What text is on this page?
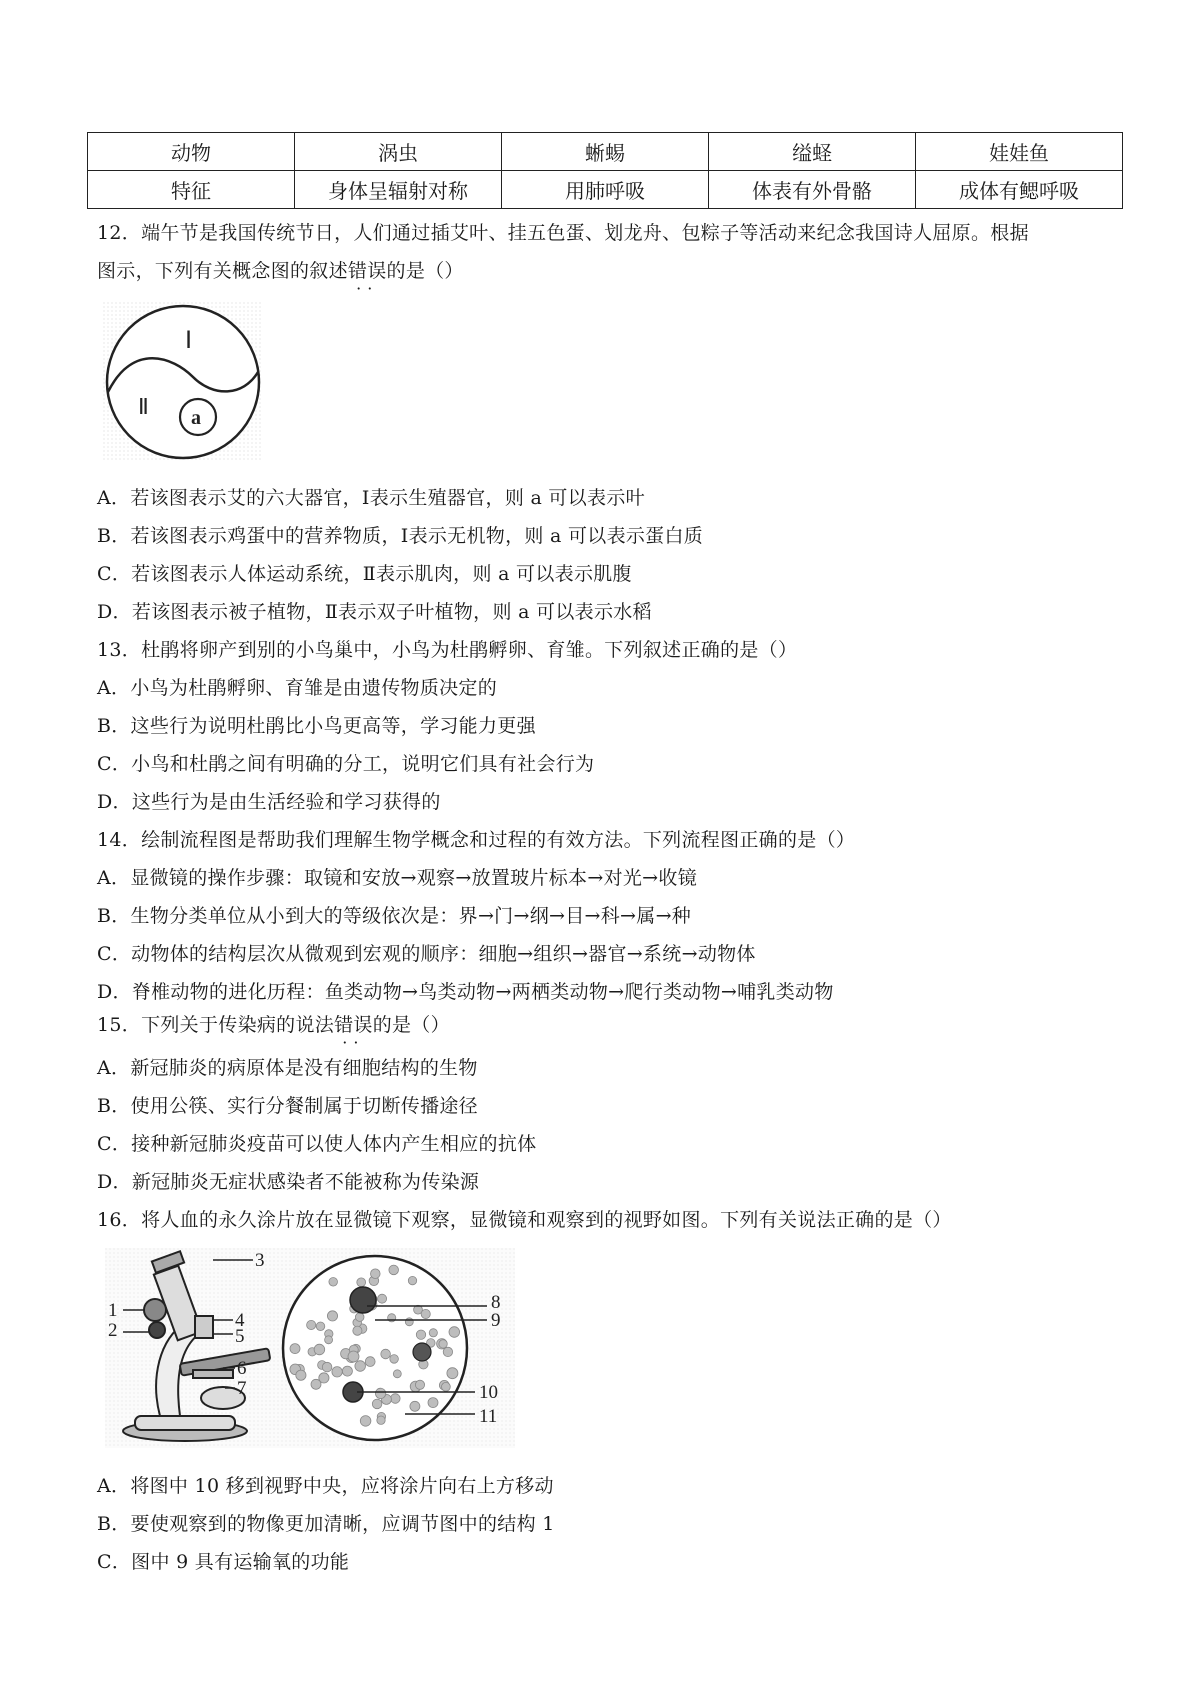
动物	涡虫	蜥蜴	缢蛏	娃娃鱼
特征	身体呈辐射对称	用肺呼吸	体表有外骨骼	成体有鳃呼吸
12．端午节是我国传统节日，人们通过插艾叶、挂五色蛋、划龙舟、包粽子等活动来纪念我国诗人屈原。根据
图示，下列有关概念图的叙述错误
··
的是（）
Ⅰ
Ⅱ a
A．若该图表示艾的六大器官，Ⅰ表示生殖器官，则 a 可以表示叶
B．若该图表示鸡蛋中的营养物质，Ⅰ表示无机物，则 a 可以表示蛋白质
C．若该图表示人体运动系统，Ⅱ表示肌肉，则 a 可以表示肌腹
D．若该图表示被子植物，Ⅱ表示双子叶植物，则 a 可以表示水稻
13．杜鹃将卵产到别的小鸟巢中，小鸟为杜鹃孵卵、育雏。下列叙述正确的是（）
A．小鸟为杜鹃孵卵、育雏是由遗传物质决定的
B．这些行为说明杜鹃比小鸟更高等，学习能力更强
C．小鸟和杜鹃之间有明确的分工，说明它们具有社会行为
D．这些行为是由生活经验和学习获得的
14．绘制流程图是帮助我们理解生物学概念和过程的有效方法。下列流程图正确的是（）
A．显微镜的操作步骤：取镜和安放→观察→放置玻片标本→对光→收镜
B．生物分类单位从小到大的等级依次是：界→门→纲→目→科→属→种
C．动物体的结构层次从微观到宏观的顺序：细胞→组织→器官→系统→动物体
D．脊椎动物的进化历程：鱼类动物→鸟类动物→两栖类动物→爬行类动物→哺乳类动物
15．下列关于传染病的说法错误
··
的是（）
A．新冠肺炎的病原体是没有细胞结构的生物
B．使用公筷、实行分餐制属于切断传播途径
C．接种新冠肺炎疫苗可以使人体内产生相应的抗体
D．新冠肺炎无症状感染者不能被称为传染源
16．将人血的永久涂片放在显微镜下观察，显微镜和观察到的视野如图。下列有关说法正确的是（）
3
1
2	4
5
6
7
8
9
10
11
A．将图中 10 移到视野中央，应将涂片向右上方移动
B．要使观察到的物像更加清晰，应调节图中的结构 1
C．图中 9 具有运输氧的功能
